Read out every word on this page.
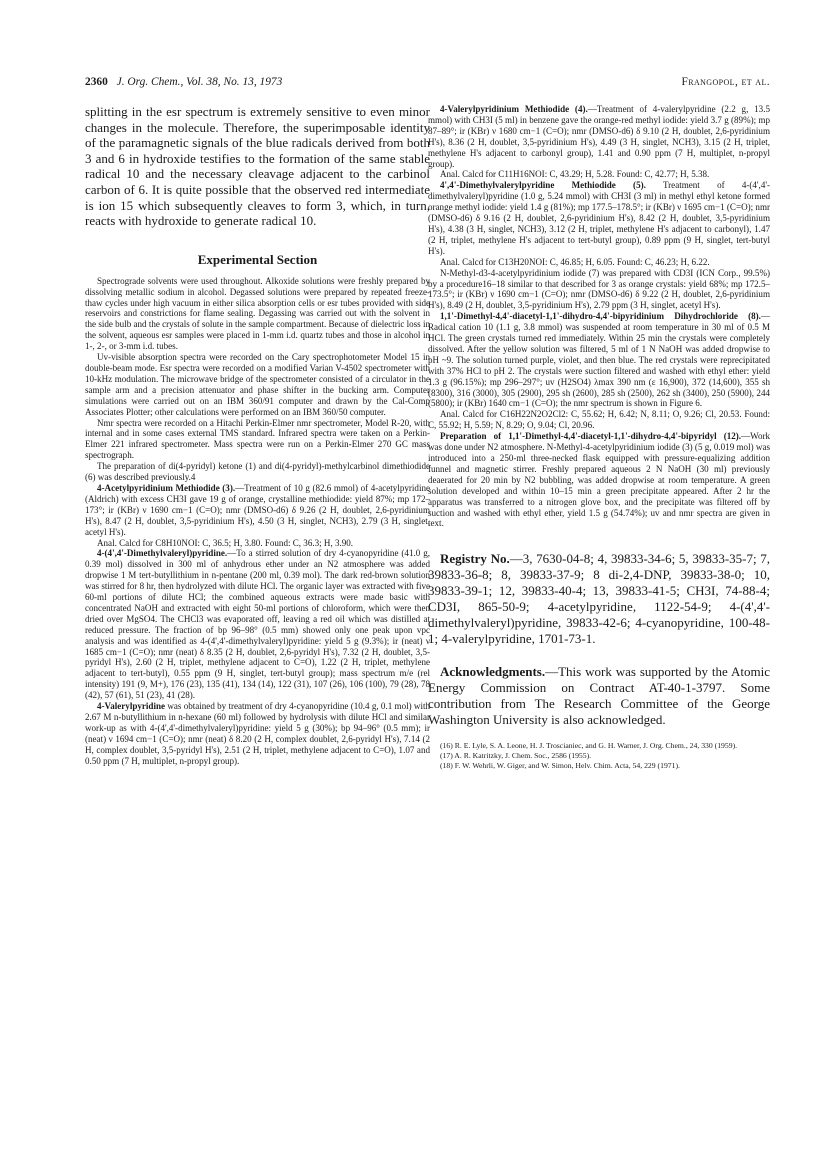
2360 J. Org. Chem., Vol. 38, No. 13, 1973	Frangopol, et al.

splitting in the esr spectrum is extremely sensitive to even minor changes in the molecule. Therefore, the superimposable identity of the paramagnetic signals of the blue radicals derived from both 3 and 6 in hydroxide testifies to the formation of the same stable radical 10 and the necessary cleavage adjacent to the carbinol carbon of 6. It is quite possible that the observed red intermediate is ion 15 which subsequently cleaves to form 3, which, in turn, reacts with hydroxide to generate radical 10.

Experimental Section

Spectrograde solvents were used throughout. Alkoxide solutions were freshly prepared by dissolving metallic sodium in alcohol. Degassed solutions were prepared by repeated freeze-thaw cycles under high vacuum in either silica absorption cells or esr tubes provided with side reservoirs and constrictions for flame sealing. Degassing was carried out with the solvent in the side bulb and the crystals of solute in the sample compartment. Because of dielectric loss in the solvent, aqueous esr samples were placed in 1-mm i.d. quartz tubes and those in alcohol in 1-, 2-, or 3-mm i.d. tubes.

Uv-visible absorption spectra were recorded on the Cary spectrophotometer Model 15 in double-beam mode. Esr spectra were recorded on a modified Varian V-4502 spectrometer with 10-kHz modulation. The microwave bridge of the spectrometer consisted of a circulator in the sample arm and a precision attenuator and phase shifter in the bucking arm. Computer simulations were carried out on an IBM 360/91 computer and drawn by the Cal-Comp Associates Plotter; other calculations were performed on an IBM 360/50 computer.

Nmr spectra were recorded on a Hitachi Perkin-Elmer nmr spectrometer, Model R-20, with internal and in some cases external TMS standard. Infrared spectra were taken on a Perkin-Elmer 221 infrared spectrometer. Mass spectra were run on a Perkin-Elmer 270 GC mass spectrograph.

The preparation of di(4-pyridyl) ketone (1) and di(4-pyridyl)-methylcarbinol dimethiodide (6) was described previously.4

4-Acetylpyridinium Methiodide (3).—Treatment of 10 g (82.6 mmol) of 4-acetylpyridine (Aldrich) with excess CH3I gave 19 g of orange, crystalline methiodide: yield 87%; mp 172–173°; ir (KBr) ν 1690 cm−1 (C=O); nmr (DMSO-d6) δ 9.26 (2 H, doublet, 2,6-pyridinium H's), 8.47 (2 H, doublet, 3,5-pyridinium H's), 4.50 (3 H, singlet, NCH3), 2.79 (3 H, singlet, acetyl H's).

Anal. Calcd for C8H10NOI: C, 36.5; H, 3.80. Found: C, 36.3; H, 3.90.

4-(4',4'-Dimethylvaleryl)pyridine.—To a stirred solution of dry 4-cyanopyridine (41.0 g, 0.39 mol) dissolved in 300 ml of anhydrous ether under an N2 atmosphere was added dropwise 1 M tert-butyllithium in n-pentane (200 ml, 0.39 mol). The dark red-brown solution was stirred for 8 hr, then hydrolyzed with dilute HCl. The organic layer was extracted with five 60-ml portions of dilute HCl; the combined aqueous extracts were made basic with concentrated NaOH and extracted with eight 50-ml portions of chloroform, which were then dried over MgSO4. The CHCl3 was evaporated off, leaving a red oil which was distilled at reduced pressure. The fraction of bp 96–98° (0.5 mm) showed only one peak upon vpc analysis and was identified as 4-(4',4'-dimethylvaleryl)pyridine: yield 5 g (9.3%); ir (neat) ν 1685 cm−1 (C=O); nmr (neat) δ 8.35 (2 H, doublet, 2,6-pyridyl H's), 7.32 (2 H, doublet, 3,5-pyridyl H's), 2.60 (2 H, triplet, methylene adjacent to C=O), 1.22 (2 H, triplet, methylene adjacent to tert-butyl), 0.55 ppm (9 H, singlet, tert-butyl group); mass spectrum m/e (rel intensity) 191 (9, M+), 176 (23), 135 (41), 134 (14), 122 (31), 107 (26), 106 (100), 79 (28), 78 (42), 57 (61), 51 (23), 41 (28).

4-Valerylpyridine was obtained by treatment of dry 4-cyanopyridine (10.4 g, 0.1 mol) with 2.67 M n-butyllithium in n-hexane (60 ml) followed by hydrolysis with dilute HCl and similar work-up as with 4-(4',4'-dimethylvaleryl)pyridine: yield 5 g (30%); bp 94–96° (0.5 mm); ir (neat) ν 1694 cm−1 (C=O); nmr (neat) δ 8.20 (2 H, complex doublet, 2,6-pyridyl H's), 7.14 (2 H, complex doublet, 3,5-pyridyl H's), 2.51 (2 H, triplet, methylene adjacent to C=O), 1.07 and 0.50 ppm (7 H, multiplet, n-propyl group).

4-Valerylpyridinium Methiodide (4).—Treatment of 4-valerylpyridine (2.2 g, 13.5 mmol) with CH3I (5 ml) in benzene gave the orange-red methyl iodide: yield 3.7 g (89%); mp 87–89°; ir (KBr) ν 1680 cm−1 (C=O); nmr (DMSO-d6) δ 9.10 (2 H, doublet, 2,6-pyridinium H's), 8.36 (2 H, doublet, 3,5-pyridinium H's), 4.49 (3 H, singlet, NCH3), 3.15 (2 H, triplet, methylene H's adjacent to carbonyl group), 1.41 and 0.90 ppm (7 H, multiplet, n-propyl group).

Anal. Calcd for C11H16NOI: C, 43.29; H, 5.28. Found: C, 42.77; H, 5.38.

4',4'-Dimethylvalerylpyridine Methiodide (5). Treatment of 4-(4',4'-dimethylvaleryl)pyridine (1.0 g, 5.24 mmol) with CH3I (3 ml) in methyl ethyl ketone formed orange methyl iodide: yield 1.4 g (81%); mp 177.5–178.5°; ir (KBr) ν 1695 cm−1 (C=O); nmr (DMSO-d6) δ 9.16 (2 H, doublet, 2,6-pyridinium H's), 8.42 (2 H, doublet, 3,5-pyridinium H's), 4.38 (3 H, singlet, NCH3), 3.12 (2 H, triplet, methylene H's adjacent to carbonyl), 1.47 (2 H, triplet, methylene H's adjacent to tert-butyl group), 0.89 ppm (9 H, singlet, tert-butyl H's).

Anal. Calcd for C13H20NOI: C, 46.85; H, 6.05. Found: C, 46.23; H, 6.22.

N-Methyl-d3-4-acetylpyridinium iodide (7) was prepared with CD3I (ICN Corp., 99.5%) by a procedure16–18 similar to that described for 3 as orange crystals: yield 68%; mp 172.5–173.5°; ir (KBr) ν 1690 cm−1 (C=O); nmr (DMSO-d6) δ 9.22 (2 H, doublet, 2,6-pyridinium H's), 8.49 (2 H, doublet, 3,5-pyridinium H's), 2.79 ppm (3 H, singlet, acetyl H's).

1,1'-Dimethyl-4,4'-diacetyl-1,1'-dihydro-4,4'-bipyridinium Dihydrochloride (8).—Radical cation 10 (1.1 g, 3.8 mmol) was suspended at room temperature in 30 ml of 0.5 M HCl. The green crystals turned red immediately. Within 25 min the crystals were completely dissolved. After the yellow solution was filtered, 5 ml of 1 N NaOH was added dropwise to pH ~9. The solution turned purple, violet, and then blue. The red crystals were reprecipitated with 37% HCl to pH 2. The crystals were suction filtered and washed with ethyl ether: yield 1.3 g (96.15%); mp 296–297°; uv (H2SO4) λmax 390 nm (ε 16,900), 372 (14,600), 355 sh (8300), 316 (3000), 305 (2900), 295 sh (2600), 285 sh (2500), 262 sh (3400), 250 (5900), 244 (5800); ir (KBr) 1640 cm−1 (C=O); the nmr spectrum is shown in Figure 6.

Anal. Calcd for C16H22N2O2Cl2: C, 55.62; H, 6.42; N, 8.11; O, 9.26; Cl, 20.53. Found: C, 55.92; H, 5.59; N, 8.29; O, 9.04; Cl, 20.96.

Preparation of 1,1'-Dimethyl-4,4'-diacetyl-1,1'-dihydro-4,4'-bipyridyl (12).—Work was done under N2 atmosphere. N-Methyl-4-acetylpyridinium iodide (3) (5 g, 0.019 mol) was introduced into a 250-ml three-necked flask equipped with pressure-equalizing addition funnel and magnetic stirrer. Freshly prepared aqueous 2 N NaOH (30 ml) previously deaerated for 20 min by N2 bubbling, was added dropwise at room temperature. A green solution developed and within 10–15 min a green precipitate appeared. After 2 hr the apparatus was transferred to a nitrogen glove box, and the precipitate was filtered off by suction and washed with ethyl ether, yield 1.5 g (54.74%); uv and nmr spectra are given in text.

Registry No.—3, 7630-04-8; 4, 39833-34-6; 5, 39833-35-7; 7, 39833-36-8; 8, 39833-37-9; 8 di-2,4-DNP, 39833-38-0; 10, 39833-39-1; 12, 39833-40-4; 13, 39833-41-5; CH3I, 74-88-4; CD3I, 865-50-9; 4-acetylpyridine, 1122-54-9; 4-(4',4'-dimethylvaleryl)pyridine, 39833-42-6; 4-cyanopyridine, 100-48-1; 4-valerylpyridine, 1701-73-1.

Acknowledgments.—This work was supported by the Atomic Energy Commission on Contract AT-40-1-3797. Some contribution from The Research Committee of the George Washington University is also acknowledged.

(16) R. E. Lyle, S. A. Leone, H. J. Troscianiec, and G. H. Warner, J. Org. Chem., 24, 330 (1959).

(17) A. R. Katritzky, J. Chem. Soc., 2586 (1955).

(18) F. W. Wehrli, W. Giger, and W. Simon, Helv. Chim. Acta, 54, 229 (1971).
